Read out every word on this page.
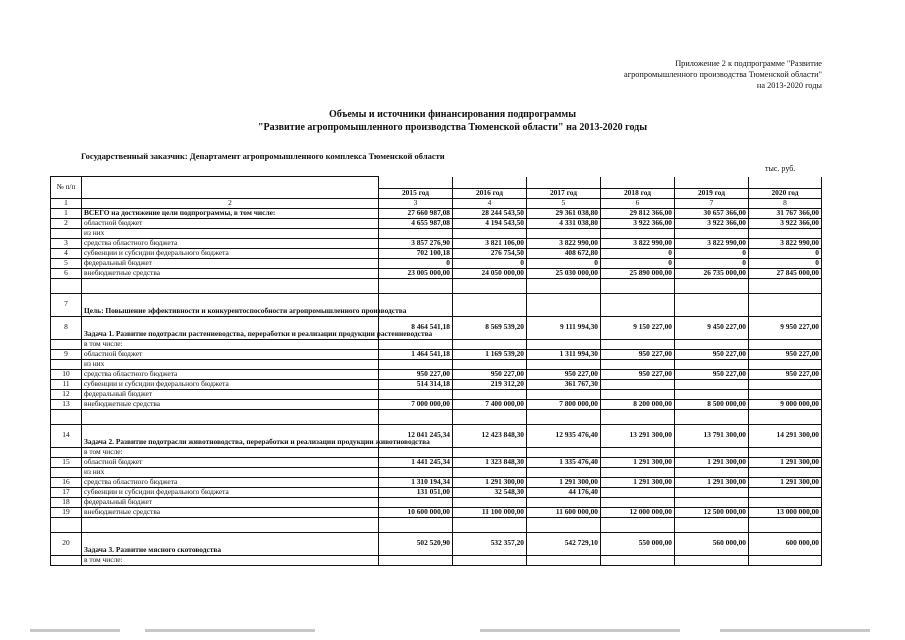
Приложение 2 к подпрограмме "Развитие
агропромышленного производства Тюменской области"
на 2013-2020 годы
Объемы и источники финансирования подпрограммы
"Развитие агропромышленного производства Тюменской области" на 2013-2020 годы
Государственный заказчик: Департамент агропромышленного комплекса Тюменской области
тыс. руб.
№ п/п							
		2015 год	2016 год	2017 год	2018 год	2019 год	2020 год
1	2	3	4	5	6	7	8
1	ВСЕГО на достижение цели подпрограммы, в том числе:	27 660 987,08	28 244 543,50	29 361 038,80	29 812 366,00	30 657 366,00	31 767 366,00
2	областной бюджет	4 655 987,08	4 194 543,50	4 331 038,80	3 922 366,00	3 922 366,00	3 922 366,00
	из них						
3	средства областного бюджета	3 857 276,90	3 821 106,00	3 822 990,00	3 822 990,00	3 822 990,00	3 822 990,00
4	субвенции и субсидии федерального бюджета	702 100,18	276 754,50	408 672,80	0	0	0
5	федеральный бюджет	0	0	0	0	0	0
6	внебюджетные средства	23 005 000,00	24 050 000,00	25 030 000,00	25 890 000,00	26 735 000,00	27 845 000,00

7	Цель: Повышение эффективности и конкурентоспособности агропромышленного производства						
8	Задача 1. Развитие подотрасли растениеводства, переработки и реализации продукции растениеводства	8 464 541,18	8 569 539,20	9 111 994,30	9 150 227,00	9 450 227,00	9 950 227,00
	в том числе:						
9	областной бюджет	1 464 541,18	1 169 539,20	1 311 994,30	950 227,00	950 227,00	950 227,00
	из них						
10	средства областного бюджета	950 227,00	950 227,00	950 227,00	950 227,00	950 227,00	950 227,00
11	субвенции и субсидии федерального бюджета	514 314,18	219 312,20	361 767,30			
12	федеральный бюджет						
13	внебюджетные средства	7 000 000,00	7 400 000,00	7 800 000,00	8 200 000,00	8 500 000,00	9 000 000,00

14	Задача 2. Развитие подотрасли животноводства, переработки и реализации продукции животноводства	12 041 245,34	12 423 848,30	12 935 476,40	13 291 300,00	13 791 300,00	14 291 300,00
	в том числе:						
15	областной бюджет	1 441 245,34	1 323 848,30	1 335 476,40	1 291 300,00	1 291 300,00	1 291 300,00
	из них						
16	средства областного бюджета	1 310 194,34	1 291 300,00	1 291 300,00	1 291 300,00	1 291 300,00	1 291 300,00
17	субвенции и субсидии федерального бюджета	131 051,00	32 548,30	44 176,40			
18	федеральный бюджет						
19	внебюджетные средства	10 600 000,00	11 100 000,00	11 600 000,00	12 000 000,00	12 500 000,00	13 000 000,00

20	Задача 3. Развитие мясного скотоводства	502 520,90	532 357,20	542 729,10	550 000,00	560 000,00	600 000,00
	в том числе:						
